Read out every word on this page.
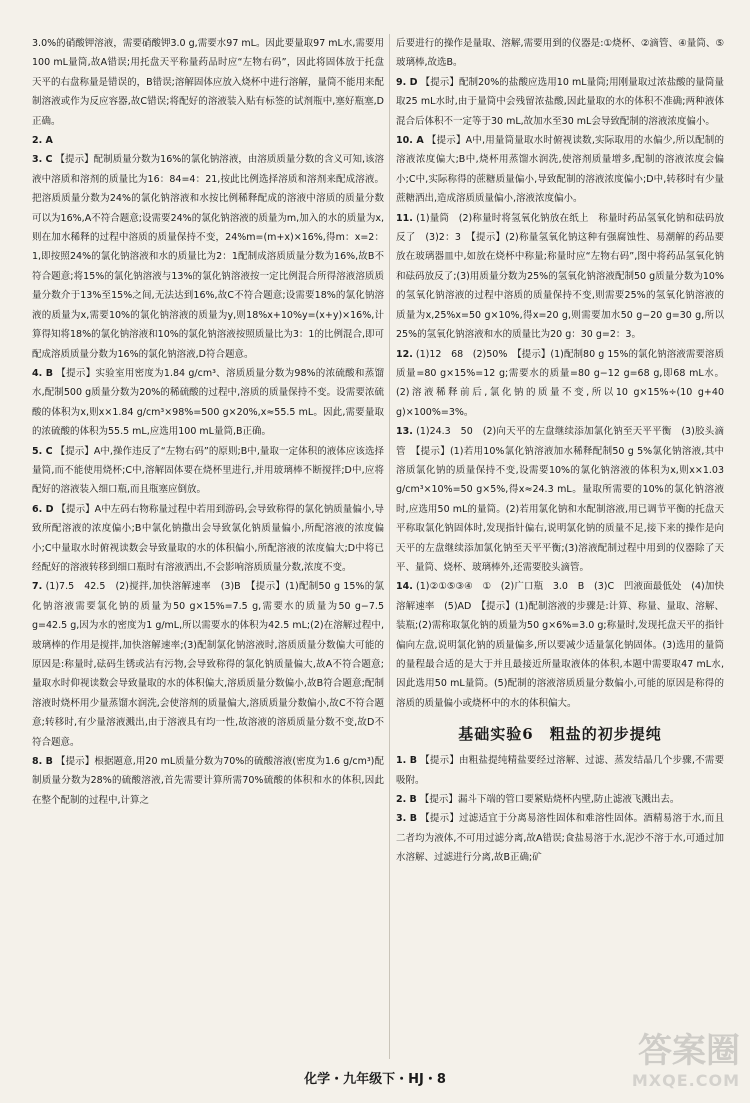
3.0%的硝酸钾溶液，需要硝酸钾3.0 g,需要水97 mL。因此要量取97 mL水,需要用100 mL量筒,故A错误;用托盘天平称量药品时应“左物右码”，因此将固体放于托盘天平的右盘称量是错误的，B错误;溶解固体应放入烧杯中进行溶解，量筒不能用来配制溶液或作为反应容器,故C错误;将配好的溶液装入贴有标签的试剂瓶中,塞好瓶塞,D正确。

2. A

3. C 【提示】配制质量分数为16%的氯化钠溶液，由溶质质量分数的含义可知,该溶液中溶质和溶剂的质量比为16：84=4：21,按此比例选择溶质和溶剂来配成溶液。把溶质质量分数为24%的氯化钠溶液和水按比例稀释配成的溶液中溶质的质量分数可以为16%,A不符合题意;设需要24%的氯化钠溶液的质量为m,加入的水的质量为x,则在加水稀释的过程中溶质的质量保持不变，24%m=(m+x)×16%,得m：x=2：1,即按照24%的氯化钠溶液和水的质量比为2：1配制成溶质质量分数为16%,故B不符合题意;将15%的氯化钠溶液与13%的氯化钠溶液按一定比例混合所得溶液溶质质量分数介于13%至15%之间,无法达到16%,故C不符合题意;设需要18%的氯化钠溶液的质量为x,需要10%的氯化钠溶液的质量为y,则18%x+10%y=(x+y)×16%,计算得知将18%的氯化钠溶液和10%的氯化钠溶液按照质量比为3：1的比例混合,即可配成溶质质量分数为16%的氯化钠溶液,D符合题意。

4. B 【提示】实验室用密度为1.84 g/cm³、溶质质量分数为98%的浓硫酸和蒸馏水,配制500 g质量分数为20%的稀硫酸的过程中,溶质的质量保持不变。设需要浓硫酸的体积为x,则x×1.84 g/cm³×98%=500 g×20%,x≈55.5 mL。因此,需要量取的浓硫酸的体积为55.5 mL,应选用100 mL量筒,B正确。

5. C 【提示】A中,操作违反了“左物右码”的原则;B中,量取一定体积的液体应该选择量筒,而不能使用烧杯;C中,溶解固体要在烧杯里进行,并用玻璃棒不断搅拌;D中,应将配好的溶液装入细口瓶,而且瓶塞应倒放。

6. D 【提示】A中左码右物称量过程中若用到游码,会导致称得的氯化钠质量偏小,导致所配溶液的浓度偏小;B中氯化钠撒出会导致氯化钠质量偏小,所配溶液的浓度偏小;C中量取水时俯视读数会导致量取的水的体积偏小,所配溶液的浓度偏大;D中将已经配好的溶液转移到细口瓶时有溶液洒出,不会影响溶质质量分数,浓度不变。

7. (1)7.5　42.5　(2)搅拌,加快溶解速率　(3)B　【提示】(1)配制50 g 15%的氯化钠溶液需要氯化钠的质量为50 g×15%=7.5 g,需要水的质量为50 g−7.5 g=42.5 g,因为水的密度为1 g/mL,所以需要水的体积为42.5 mL;(2)在溶解过程中,玻璃棒的作用是搅拌,加快溶解速率;(3)配制氯化钠溶液时,溶质质量分数偏大可能的原因是:称量时,砝码生锈或沾有污物,会导致称得的氯化钠质量偏大,故A不符合题意;量取水时仰视读数会导致量取的水的体积偏大,溶质质量分数偏小,故B符合题意;配制溶液时烧杯用少量蒸馏水润洗,会使溶剂的质量偏大,溶质质量分数偏小,故C不符合题意;转移时,有少量溶液溅出,由于溶液具有均一性,故溶液的溶质质量分数不变,故D不符合题意。

8. B 【提示】根据题意,用20 mL质量分数为70%的硫酸溶液(密度为1.6 g/cm³)配制质量分数为28%的硫酸溶液,首先需要计算所需70%硫酸的体积和水的体积,因此在整个配制的过程中,计算之

后要进行的操作是量取、溶解,需要用到的仪器是:①烧杯、②滴管、④量筒、⑤玻璃棒,故选B。

9. D 【提示】配制20%的盐酸应选用10 mL量筒;用刚量取过浓盐酸的量筒量取25 mL水时,由于量筒中会残留浓盐酸,因此量取的水的体积不准确;两种液体混合后体积不一定等于30 mL,故加水至30 mL会导致配制的溶液浓度偏小。

10. A 【提示】A中,用量筒量取水时俯视读数,实际取用的水偏少,所以配制的溶液浓度偏大;B中,烧杯用蒸馏水润洗,使溶剂质量增多,配制的溶液浓度会偏小;C中,实际称得的蔗糖质量偏小,导致配制的溶液浓度偏小;D中,转移时有少量蔗糖洒出,造成溶质质量偏小,溶液浓度偏小。

11. (1)量筒　(2)称量时将氢氧化钠放在纸上　称量时药品氢氧化钠和砝码放反了　(3)2：3　【提示】(2)称量氢氧化钠这种有强腐蚀性、易潮解的药品要放在玻璃器皿中,如放在烧杯中称量;称量时应“左物右码”,图中将药品氢氧化钠和砝码放反了;(3)用质量分数为25%的氢氧化钠溶液配制50 g质量分数为10%的氢氧化钠溶液的过程中溶质的质量保持不变,则需要25%的氢氧化钠溶液的质量为x,25%x=50 g×10%,得x=20 g,则需要加水50 g−20 g=30 g,所以25%的氢氧化钠溶液和水的质量比为20 g：30 g=2：3。

12. (1)12　68　(2)50%　【提示】(1)配制80 g 15%的氯化钠溶液需要溶质质量=80 g×15%=12 g;需要水的质量=80 g−12 g=68 g,即68 mL水。(2)溶液稀释前后,氯化钠的质量不变,所以10 g×15%÷(10 g+40 g)×100%=3%。

13. (1)24.3　50　(2)向天平的左盘继续添加氯化钠至天平平衡　(3)胶头滴管　【提示】(1)若用10%氯化钠溶液加水稀释配制50 g 5%氯化钠溶液,其中溶质氯化钠的质量保持不变,设需要10%的氯化钠溶液的体积为x,则x×1.03 g/cm³×10%=50 g×5%,得x≈24.3 mL。量取所需要的10%的氯化钠溶液时,应选用50 mL的量筒。(2)若用氯化钠和水配制溶液,用已调节平衡的托盘天平称取氯化钠固体时,发现指针偏右,说明氯化钠的质量不足,接下来的操作是向天平的左盘继续添加氯化钠至天平平衡;(3)溶液配制过程中用到的仪器除了天平、量筒、烧杯、玻璃棒外,还需要胶头滴管。

14. (1)②①⑤③④　①　(2)广口瓶　3.0　B　(3)C　凹液面最低处　(4)加快溶解速率　(5)AD　【提示】(1)配制溶液的步骤是:计算、称量、量取、溶解、装瓶;(2)需称取氯化钠的质量为50 g×6%=3.0 g;称量时,发现托盘天平的指针偏向左盘,说明氯化钠的质量偏多,所以要减少适量氯化钠固体。(3)选用的量筒的量程最合适的是大于并且最接近所量取液体的体积,本题中需要取47 mL水,因此选用50 mL量筒。(5)配制的溶液溶质质量分数偏小,可能的原因是称得的溶质的质量偏小或烧杯中的水的体积偏大。

基础实验6　粗盐的初步提纯

1. B 【提示】由粗盐提纯精盐要经过溶解、过滤、蒸发结晶几个步骤,不需要吸附。

2. B 【提示】漏斗下端的管口要紧贴烧杯内壁,防止滤液飞溅出去。

3. B 【提示】过滤适宜于分离易溶性固体和难溶性固体。酒精易溶于水,而且二者均为液体,不可用过滤分离,故A错误;食盐易溶于水,泥沙不溶于水,可通过加水溶解、过滤进行分离,故B正确;矿

化学・九年级下・HJ・8
答案圈
MXQE.COM
